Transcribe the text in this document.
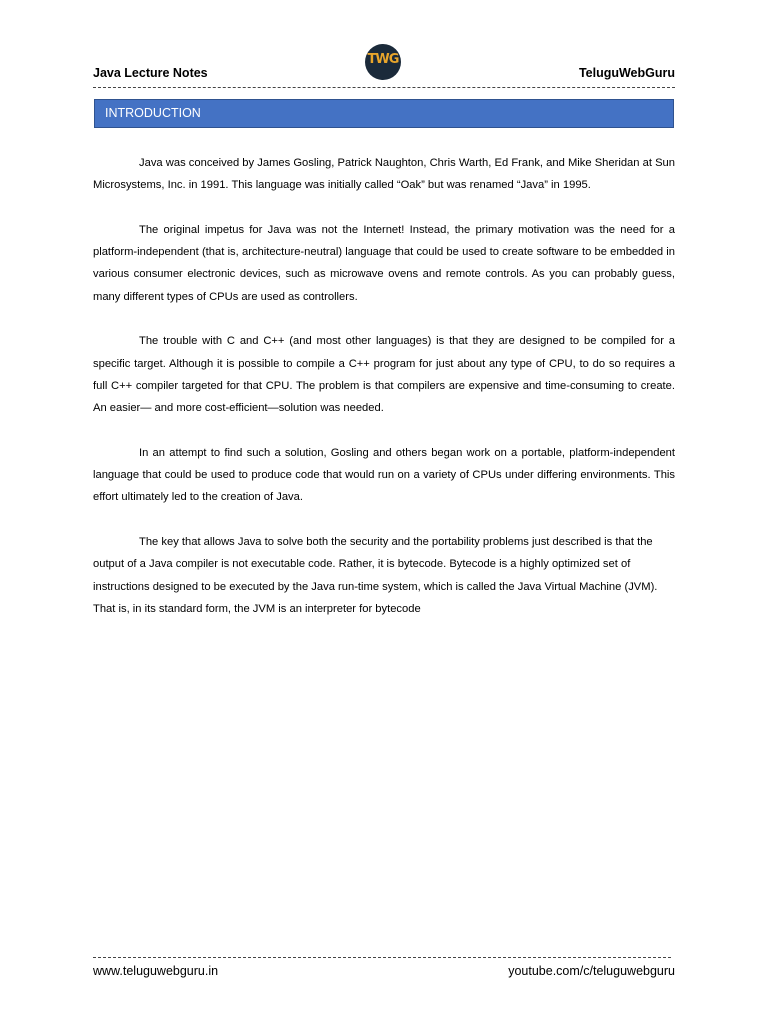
Java Lecture Notes
TWG
TeluguWebGuru
INTRODUCTION

Java was conceived by James Gosling, Patrick Naughton, Chris Warth, Ed Frank, and Mike Sheridan at Sun Microsystems, Inc. in 1991. This language was initially called “Oak” but was renamed “Java” in 1995.

The original impetus for Java was not the Internet! Instead, the primary motivation was the need for a platform-independent (that is, architecture-neutral) language that could be used to create software to be embedded in various consumer electronic devices, such as microwave ovens and remote controls. As you can probably guess, many different types of CPUs are used as controllers.

The trouble with C and C++ (and most other languages) is that they are designed to be compiled for a specific target. Although it is possible to compile a C++ program for just about any type of CPU, to do so requires a full C++ compiler targeted for that CPU. The problem is that compilers are expensive and time-consuming to create. An easier— and more cost-efficient—solution was needed.

In an attempt to find such a solution, Gosling and others began work on a portable, platform-independent language that could be used to produce code that would run on a variety of CPUs under differing environments. This effort ultimately led to the creation of Java.

The key that allows Java to solve both the security and the portability problems just described is that the output of a Java compiler is not executable code. Rather, it is bytecode. Bytecode is a highly optimized set of instructions designed to be executed by the Java run-time system, which is called the Java Virtual Machine (JVM). That is, in its standard form, the JVM is an interpreter for bytecode

www.teluguwebguru.in	youtube.com/c/teluguwebguru
